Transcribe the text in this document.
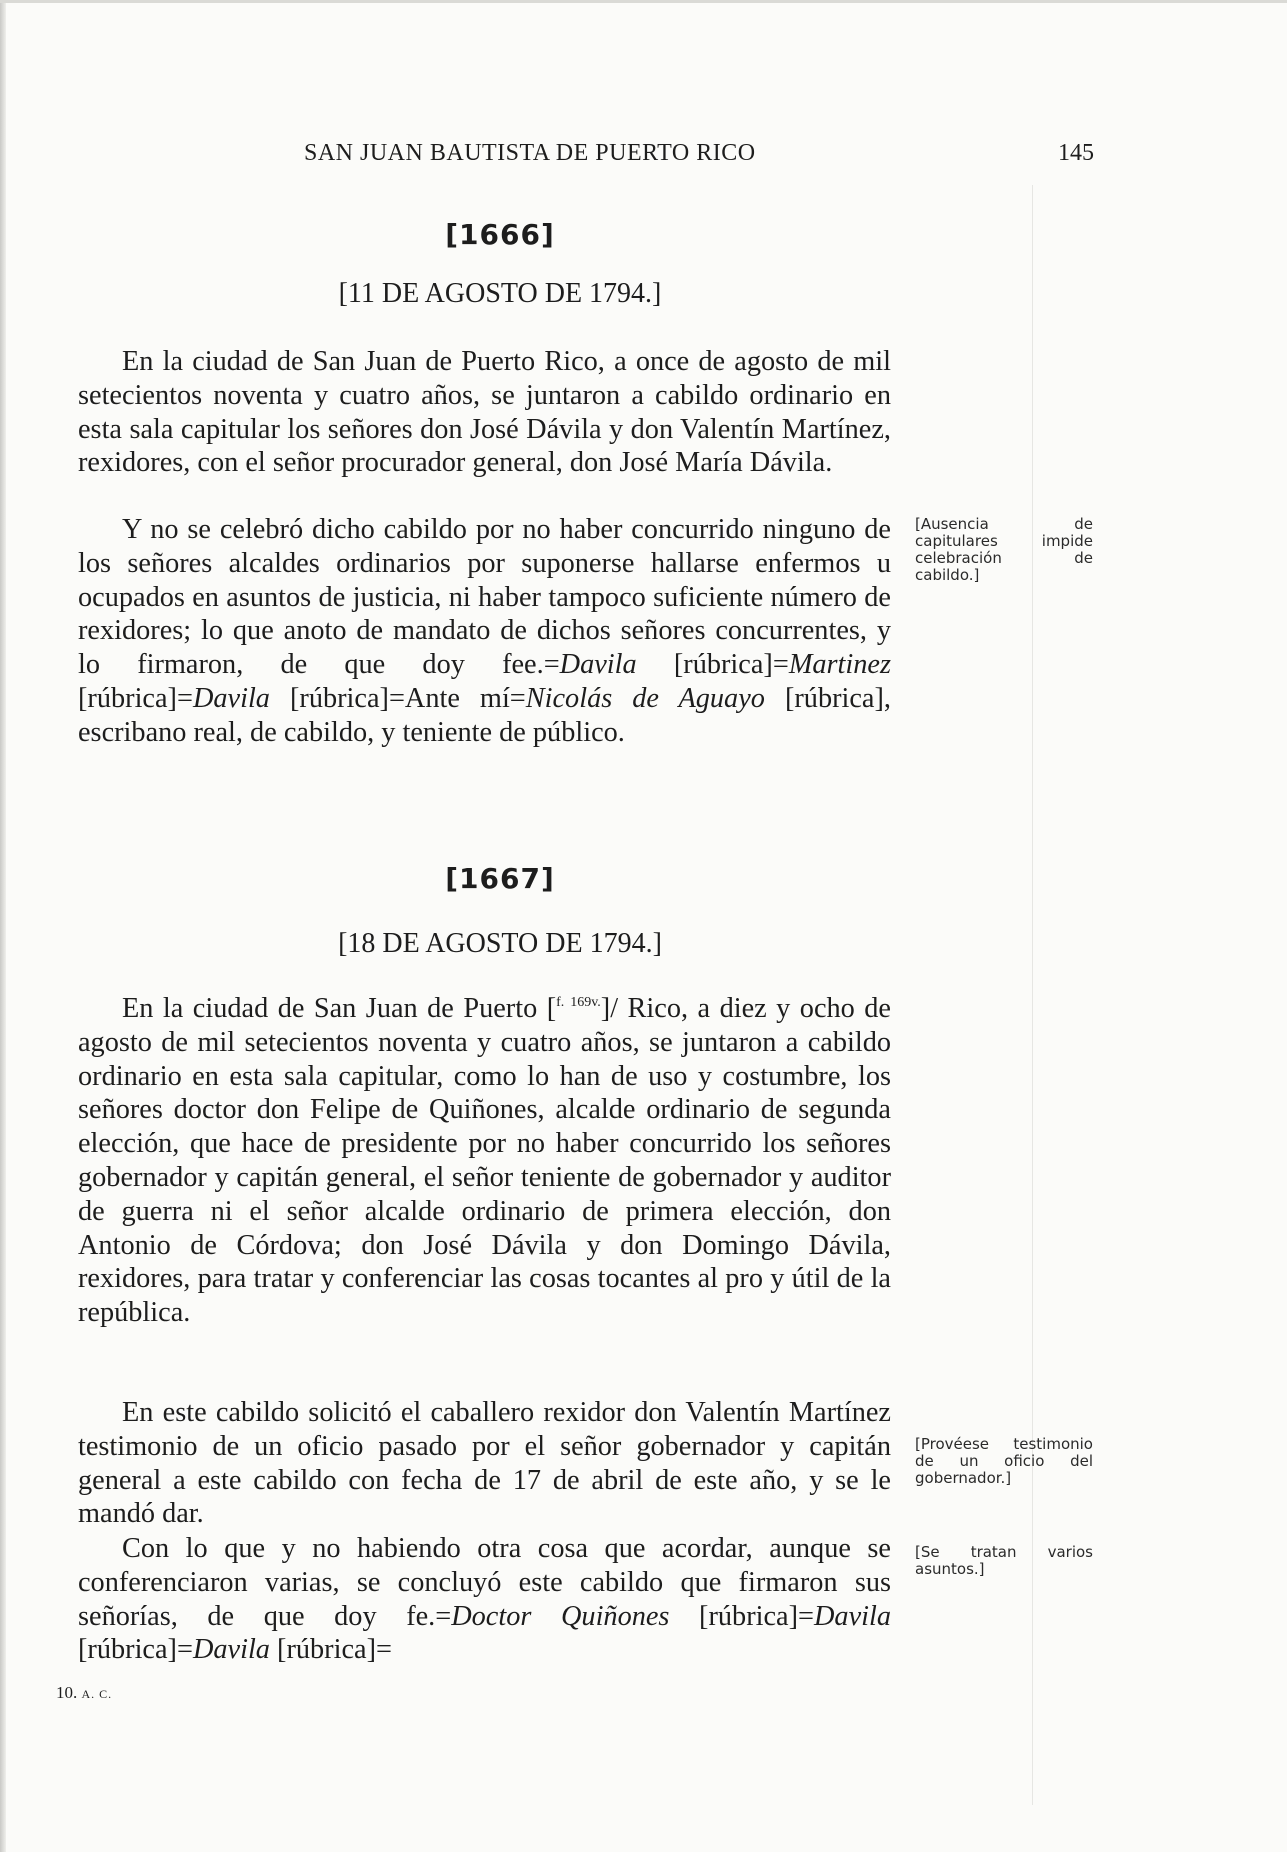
SAN JUAN BAUTISTA DE PUERTO RICO	145
[1666]
[11 DE AGOSTO DE 1794.]

En la ciudad de San Juan de Puerto Rico, a once de agosto de mil setecientos noventa y cuatro años, se juntaron a cabildo ordinario en esta sala capitular los señores don José Dávila y don Valentín Martínez, rexidores, con el señor procurador general, don José María Dávila.

Y no se celebró dicho cabildo por no haber concurrido ninguno de los señores alcaldes ordinarios por suponerse hallarse enfermos u ocupados en asuntos de justicia, ni haber tampoco suficiente número de rexidores; lo que anoto de mandato de dichos señores concurrentes, y lo firmaron, de que doy fee.=Davila [rúbrica]=Martinez [rúbrica]=Davila [rúbrica]=Ante mí=Nicolás de Aguayo [rúbrica], escribano real, de cabildo, y teniente de público.

[Ausencia de capitulares impide celebración de cabildo.]
[1667]
[18 DE AGOSTO DE 1794.]

En la ciudad de San Juan de Puerto [$^{f. 169v.}$]/ Rico, a diez y ocho de agosto de mil setecientos noventa y cuatro años, se juntaron a cabildo ordinario en esta sala capitular, como lo han de uso y costumbre, los señores doctor don Felipe de Quiñones, alcalde ordinario de segunda elección, que hace de presidente por no haber concurrido los señores gobernador y capitán general, el señor teniente de gobernador y auditor de guerra ni el señor alcalde ordinario de primera elección, don Antonio de Córdova; don José Dávila y don Domingo Dávila, rexidores, para tratar y conferenciar las cosas tocantes al pro y útil de la república.

En este cabildo solicitó el caballero rexidor don Valentín Martínez testimonio de un oficio pasado por el señor gobernador y capitán general a este cabildo con fecha de 17 de abril de este año, y se le mandó dar.

Con lo que y no habiendo otra cosa que acordar, aunque se conferenciaron varias, se concluyó este cabildo que firmaron sus señorías, de que doy fe.=Doctor Quiñones [rúbrica]=Davila [rúbrica]=Davila [rúbrica]=

[Provéese testimonio de un oficio del gobernador.]
[Se tratan varios asuntos.]
10. A. C.
